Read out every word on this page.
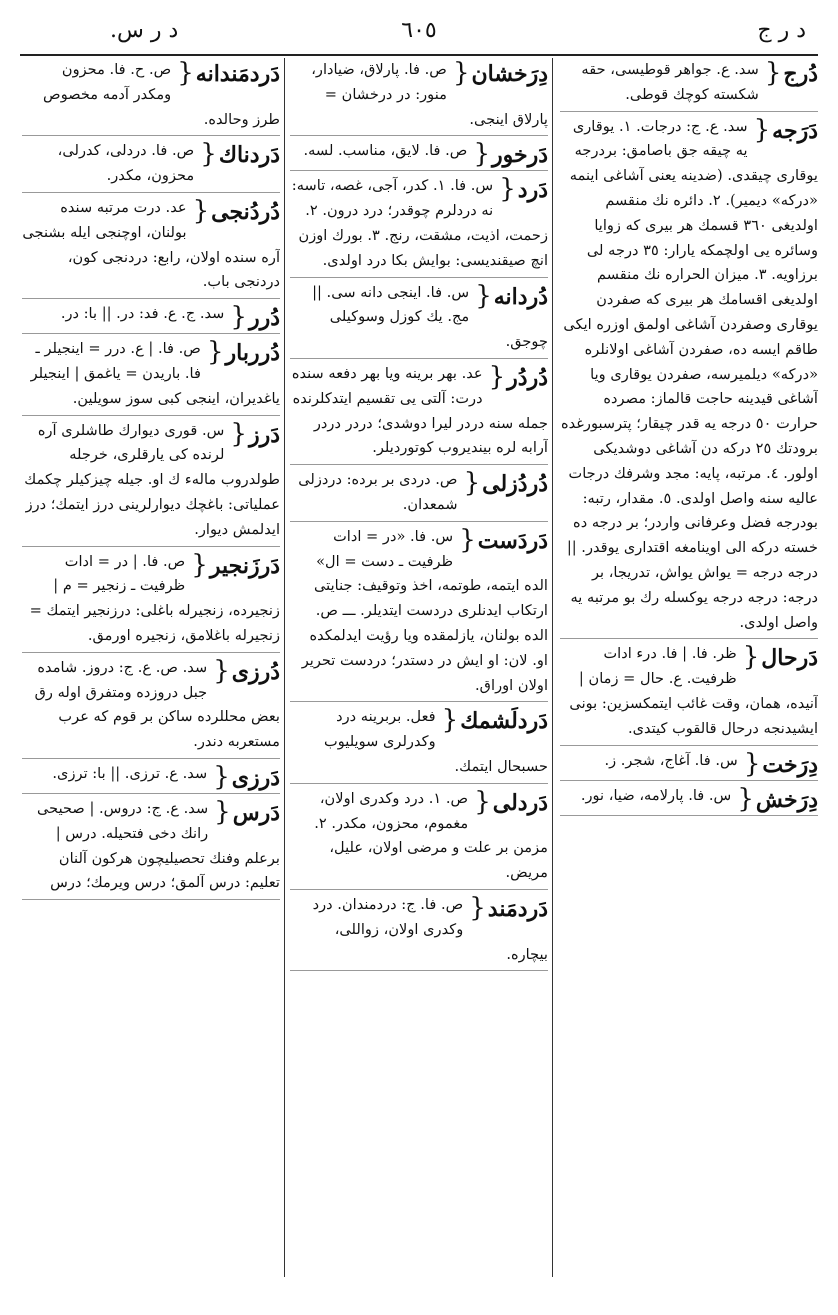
د ر ج
٦٠٥
د ر س.
دُرج {
سد. ع. جواهر قوطيسى، حقه شكسته كوچك قوطى.
دَرَجه {
سد. ع. ج: درجات. ١. يوقارى يه چيقه جق باصامق: بردرجه يوقارى چيقدى. (ضدينه يعنى آشاغى اينمه «دركه» ديمير). ٢. دائره نك منقسم اولديغى ٣٦٠ قسمك هر بيرى كه زوايا وسائره يى اولچمكه يارار: ٣٥ درجه لى برزاويه. ٣. ميزان الحراره نك منقسم اولديغى اقسامك هر بيرى كه صفردن يوقارى وصفردن آشاغى اولمق اوزره ايكى طاقم ايسه ده، صفردن آشاغى اولانلره «دركه» ديلميرسه، صفردن يوقارى ويا آشاغى قيدينه حاجت قالماز: مصرده حرارت ٥٠ درجه يه قدر چيقار؛ پترسبورغده برودتك ٢٥ دركه دن آشاغى دوشديكى اولور. ٤. مرتبه، پايه: مجد وشرفك درجات عاليه سنه واصل اولدى. ٥. مقدار، رتبه: بودرجه فضل وعرفانى واردر؛ بر درجه ده خسته دركه الى اوينامغه اقتدارى يوقدر. || درجه درجه = يواش يواش، تدريجا، بر درجه: درجه درجه يوكسله رك بو مرتبه يه واصل اولدى.
دَرحال {
ظر. فا. | فا. درء ادات ظرفيت. ع. حال = زمان | آنيده، همان، وقت غائب ايتمكسزين: بونى ايشيدنجه درحال قالقوب كيتدى.
دِرَخت {
س. فا. آغاج، شجر. ز.
دِرَخش {
س. فا. پارلامه، ضيا، نور.
دِرَخشان {
ص. فا. پارلاق، ضيادار، منور: در درخشان = پارلاق اينجى.
دَرخور {
ص. فا. لايق، مناسب. لسه.
دَرد {
س. فا. ١. كدر، آجى، غصه، تاسه: نه دردلرم چوقدر؛ درد درون. ٢. زحمت، اذيت، مشقت، رنج. ٣. بورك اوزن انچ صيقنديسى: بوايش بكا درد اولدى.
دُردانه {
س. فا. اينجى دانه سى. || مج. يك كوزل وسوكيلى چوجق.
دُردُر {
عد. بهر برينه ويا بهر دفعه سنده درت: آلتى يى تقسيم ايتدكلرنده جمله سنه دردر ليرا دوشدى؛ دردر دردر آرابه لره بينديروب كوتورديلر.
دُردُزلى {
ص. دردى بر برده: دردزلى شمعدان.
دَردَست {
س. فا. «در = ادات ظرفيت ـ دست = ال» الده ايتمه، طوتمه، اخذ وتوقيف: جنايتى ارتكاب ايدنلرى دردست ايتديلر. ـــ ص. الده بولنان، يازلمقده ويا رؤيت ايدلمكده او. لان: او ايش در دستدر؛ دردست تحرير اولان اوراق.
دَردلَشمك {
فعل. بربرينه درد وكدرلرى سويليوب حسبحال ايتمك.
دَردلى {
ص. ١. درد وكدرى اولان، مغموم، محزون، مكدر. ٢. مزمن بر علت و مرضى اولان، عليل، مريض.
دَردمَند {
ص. فا. ج: دردمندان. درد وكدرى اولان، زواللى، بيچاره.
دَردمَندانه {
ص. ح. فا. محزون ومكدر آدمه مخصوص طرز وحالده.
دَردناك {
ص. فا. دردلى، كدرلى، محزون، مكدر.
دُردُنجى {
عد. درت مرتبه سنده بولنان، اوچنجى ايله بشنجى آره سنده اولان، رابع: دردنجى كون، دردنجى باب.
دُرر {
سد. ج. ع. فد: در. || با: در.
دُرربار {
ص. فا. | ع. درر = اينجيلر ـ فا. باريدن = ياغمق | اينجيلر ياغديران، اينجى كبى سوز سويلين.
دَرز {
س. قورى ديوارك طاشلرى آره لرنده كى يارقلرى، خرجله طولدروب مالهء ك او. جيله چيزكيلر چكمك عملياتى: باغچك ديوارلرينى درز ايتمك؛ درز ايدلمش ديوار.
دَرزَنجير {
ص. فا. | در = ادات ظرفيت ـ زنجير = م | زنجيرده، زنجيرله باغلى: درزنجير ايتمك = زنجيرله باغلامق، زنجيره اورمق.
دُرزى {
سد. ص. ع. ج: دروز. شامده جبل دروزده ومتفرق اوله رق بعض محللرده ساكن بر قوم كه عرب مستعربه دندر.
دَرزى {
سد. ع. ترزى. || با: ترزى.
دَرس {
سد. ع. ج: دروس. | صحيحى رانك دخى فتحيله. درس | برعلم وفنك تحصيليچون هركون آلنان تعليم: درس آلمق؛ درس ويرمك؛ درس
